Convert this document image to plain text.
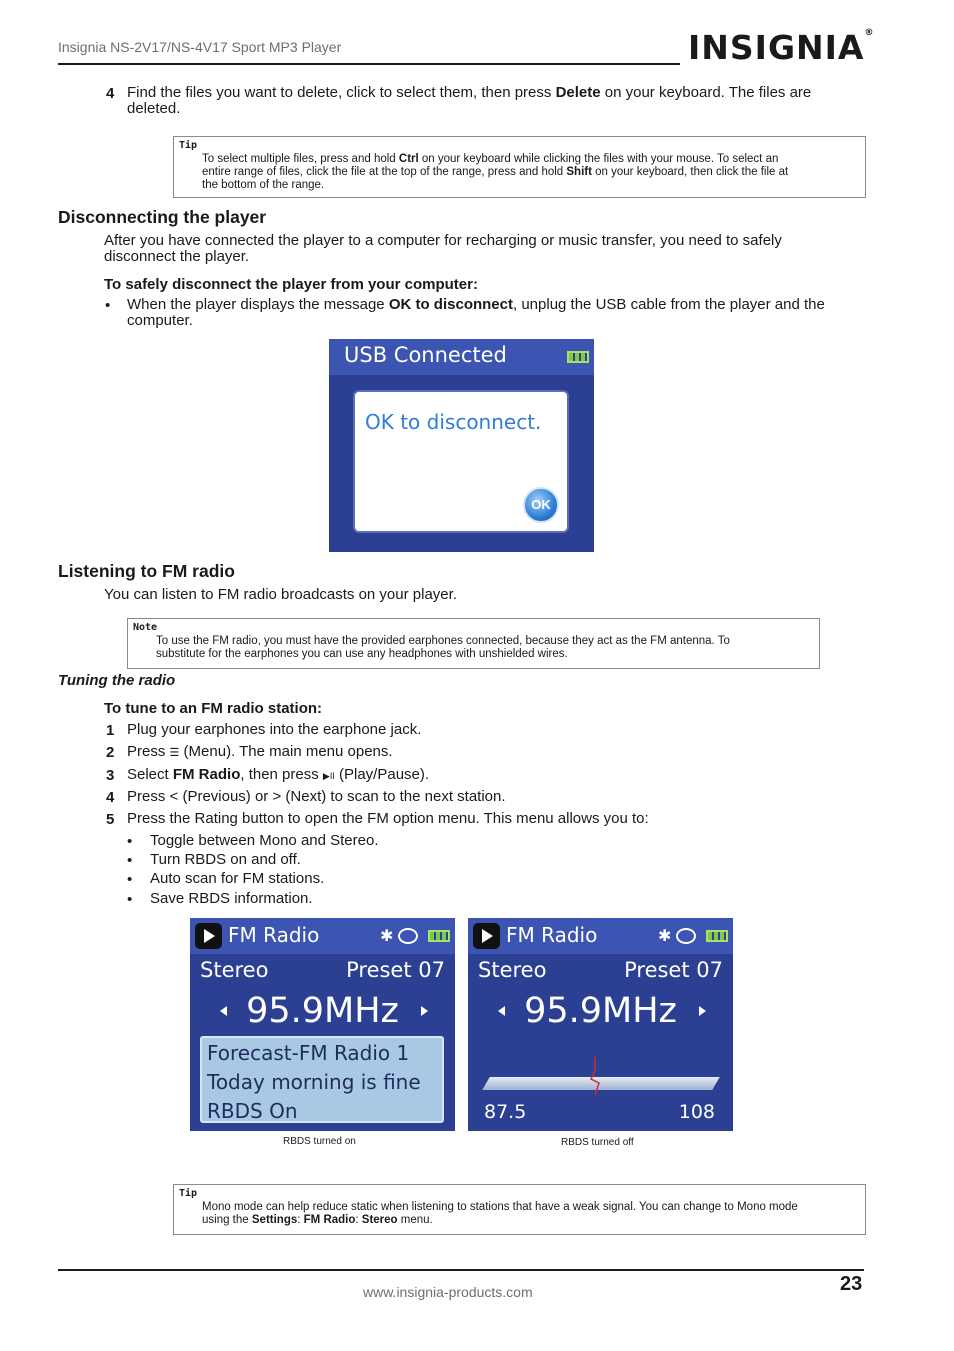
Insignia NS-2V17/NS-4V17 Sport MP3 Player	INSIGNIA®
4 Find the files you want to delete, click to select them, then press Delete on your keyboard. The files are
deleted.
Tip
To select multiple files, press and hold Ctrl on your keyboard while clicking the files with your mouse. To select an
entire range of files, click the file at the top of the range, press and hold Shift on your keyboard, then click the file at
the bottom of the range.
Disconnecting the player
After you have connected the player to a computer for recharging or music transfer, you need to safely
disconnect the player.
To safely disconnect the player from your computer:
• When the player displays the message OK to disconnect, unplug the USB cable from the player and the
computer.
USB Connected
OK to disconnect.
OK
Listening to FM radio
You can listen to FM radio broadcasts on your player.
Note
To use the FM radio, you must have the provided earphones connected, because they act as the FM antenna. To
substitute for the earphones you can use any headphones with unshielded wires.
Tuning the radio
To tune to an FM radio station:
1 Plug your earphones into the earphone jack.
2 Press ☰ (Menu). The main menu opens.
3 Select FM Radio, then press ▶II (Play/Pause).
4 Press < (Previous) or > (Next) to scan to the next station.
5 Press the Rating button to open the FM option menu. This menu allows you to:
• Toggle between Mono and Stereo.
• Turn RBDS on and off.
• Auto scan for FM stations.
• Save RBDS information.
FM Radio	✱
Stereo	Preset 07
95.9MHz
Forecast-FM Radio 1
Today morning is fine
RBDS On
RBDS turned on
FM Radio	✱
Stereo	Preset 07
95.9MHz
87.5	108
RBDS turned off
Tip
Mono mode can help reduce static when listening to stations that have a weak signal. You can change to Mono mode
using the Settings: FM Radio: Stereo menu.
www.insignia-products.com	23
